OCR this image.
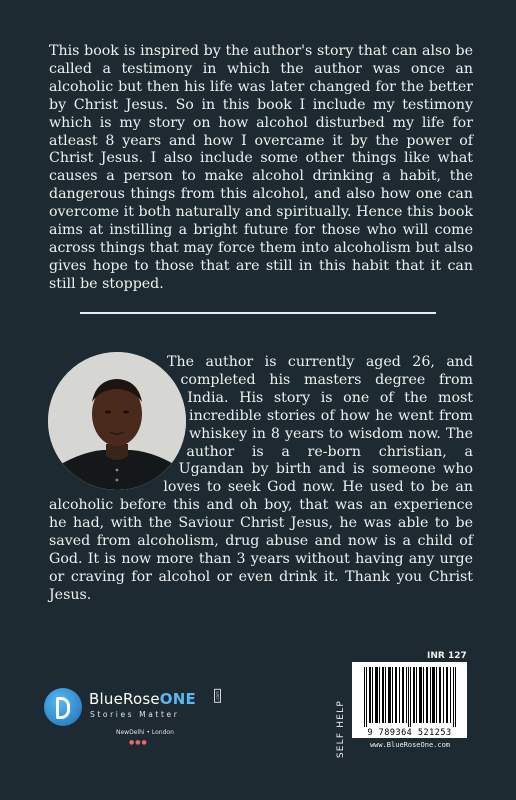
This book is inspired by the author's story that can also be called a testimony in which the author was once an alcoholic but then his life was later changed for the better by Christ Jesus. So in this book I include my testimony which is my story on how alcohol disturbed my life for atleast 8 years and how I overcame it by the power of Christ Jesus. I also include some other things like what causes a person to make alcohol drinking a habit, the dangerous things from this alcohol, and also how one can overcome it both naturally and spiritually. Hence this book aims at instilling a bright future for those who will come across things that may force them into alcoholism but also gives hope to those that are still in this habit that it can still be stopped.

The author is currently aged 26, and completed his masters degree from India. His story is one of the most incredible stories of how he went from whiskey in 8 years to wisdom now. The author is a re-born christian, a Ugandan by birth and is someone who loves to seek God now. He used to be an alcoholic before this and oh boy, that was an experience he had, with the Saviour Christ Jesus, he was able to be saved from alcoholism, drug abuse and now is a child of God. It is now more than 3 years without having any urge or craving for alcohol or even drink it. Thank you Christ Jesus.

BlueRoseONE	.com
Stories Matter
NewDelhi • London
●●●	SELF HELP
INR 127
9 789364 521253
www.BlueRoseOne.com
